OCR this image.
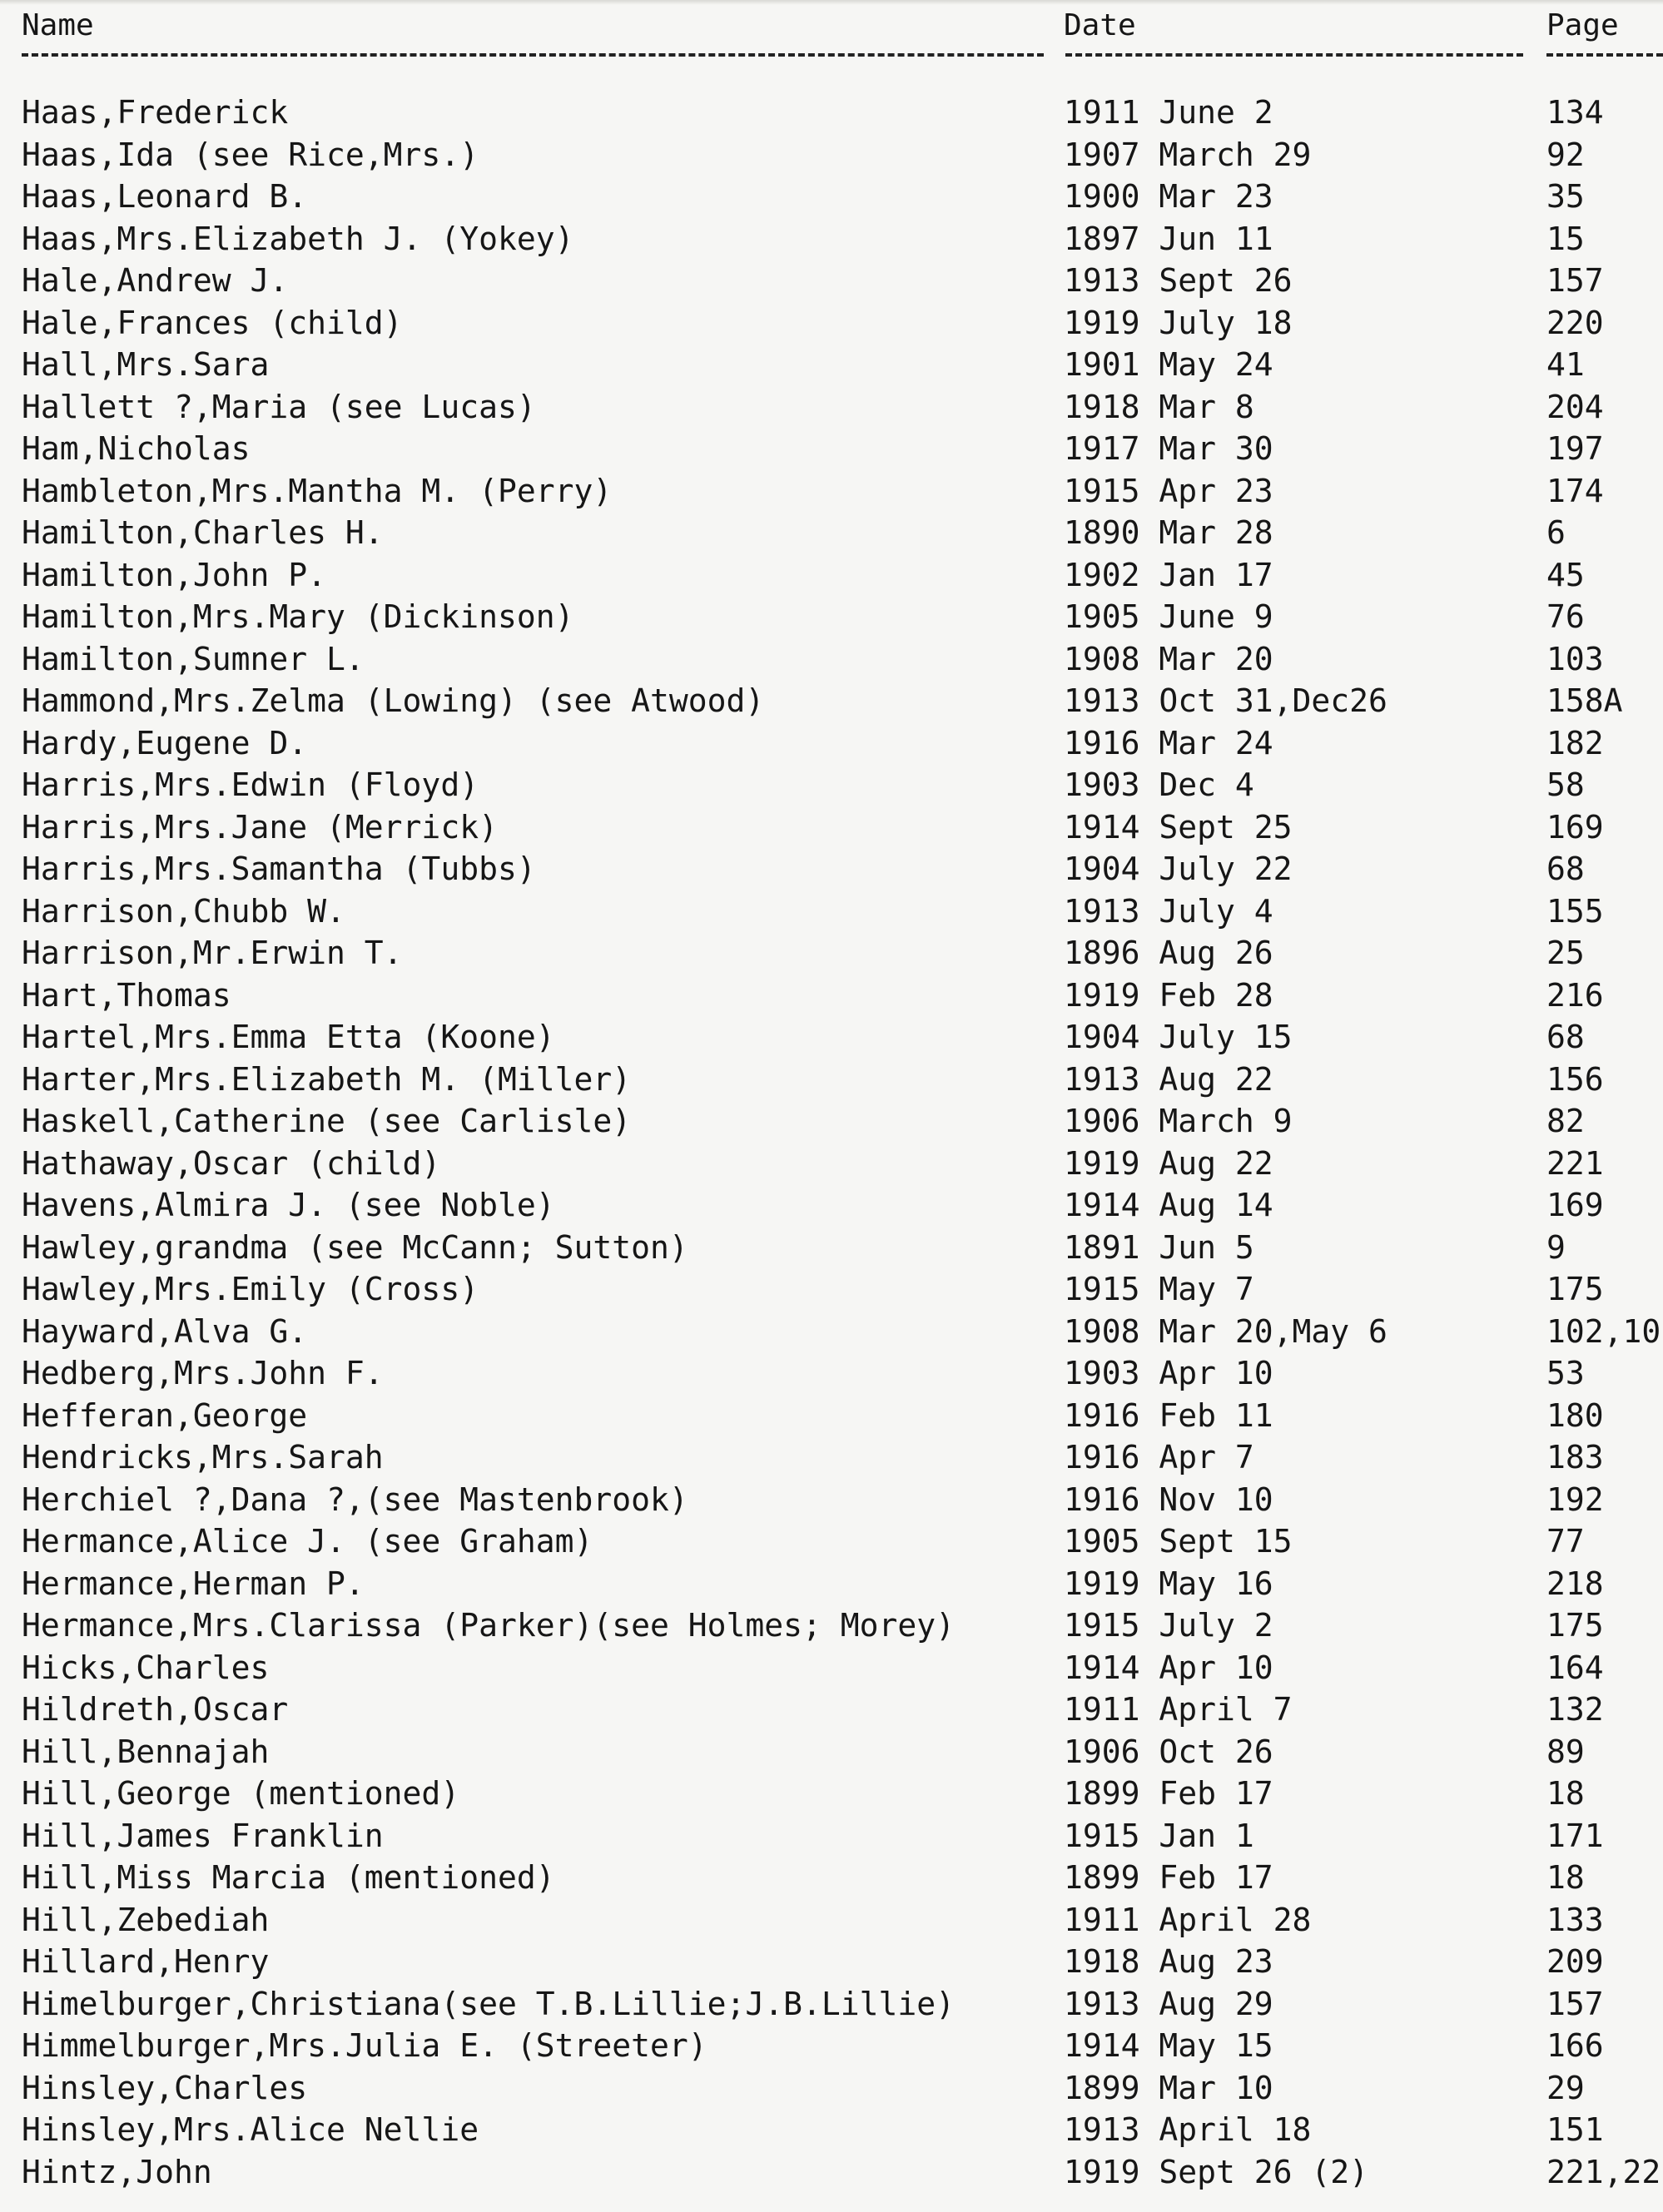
Name	Date	Page
Haas,Frederick	1911 June 2	134
Haas,Ida (see Rice,Mrs.)	1907 March 29	92
Haas,Leonard B.	1900 Mar 23	35
Haas,Mrs.Elizabeth J. (Yokey)	1897 Jun 11	15
Hale,Andrew J.	1913 Sept 26	157
Hale,Frances (child)	1919 July 18	220
Hall,Mrs.Sara	1901 May 24	41
Hallett ?,Maria (see Lucas)	1918 Mar 8	204
Ham,Nicholas	1917 Mar 30	197
Hambleton,Mrs.Mantha M. (Perry)	1915 Apr 23	174
Hamilton,Charles H.	1890 Mar 28	6
Hamilton,John P.	1902 Jan 17	45
Hamilton,Mrs.Mary (Dickinson)	1905 June 9	76
Hamilton,Sumner L.	1908 Mar 20	103
Hammond,Mrs.Zelma (Lowing) (see Atwood)	1913 Oct 31,Dec26	158A
Hardy,Eugene D.	1916 Mar 24	182
Harris,Mrs.Edwin (Floyd)	1903 Dec 4	58
Harris,Mrs.Jane (Merrick)	1914 Sept 25	169
Harris,Mrs.Samantha (Tubbs)	1904 July 22	68
Harrison,Chubb W.	1913 July 4	155
Harrison,Mr.Erwin T.	1896 Aug 26	25
Hart,Thomas	1919 Feb 28	216
Hartel,Mrs.Emma Etta (Koone)	1904 July 15	68
Harter,Mrs.Elizabeth M. (Miller)	1913 Aug 22	156
Haskell,Catherine (see Carlisle)	1906 March 9	82
Hathaway,Oscar (child)	1919 Aug 22	221
Havens,Almira J. (see Noble)	1914 Aug 14	169
Hawley,grandma (see McCann; Sutton)	1891 Jun 5	9
Hawley,Mrs.Emily (Cross)	1915 May 7	175
Hayward,Alva G.	1908 Mar 20,May 6	102,10
Hedberg,Mrs.John F.	1903 Apr 10	53
Hefferan,George	1916 Feb 11	180
Hendricks,Mrs.Sarah	1916 Apr 7	183
Herchiel ?,Dana ?,(see Mastenbrook)	1916 Nov 10	192
Hermance,Alice J. (see Graham)	1905 Sept 15	77
Hermance,Herman P.	1919 May 16	218
Hermance,Mrs.Clarissa (Parker)(see Holmes; Morey)	1915 July 2	175
Hicks,Charles	1914 Apr 10	164
Hildreth,Oscar	1911 April 7	132
Hill,Bennajah	1906 Oct 26	89
Hill,George (mentioned)	1899 Feb 17	18
Hill,James Franklin	1915 Jan 1	171
Hill,Miss Marcia (mentioned)	1899 Feb 17	18
Hill,Zebediah	1911 April 28	133
Hillard,Henry	1918 Aug 23	209
Himelburger,Christiana(see T.B.Lillie;J.B.Lillie)	1913 Aug 29	157
Himmelburger,Mrs.Julia E. (Streeter)	1914 May 15	166
Hinsley,Charles	1899 Mar 10	29
Hinsley,Mrs.Alice Nellie	1913 April 18	151
Hintz,John	1919 Sept 26 (2)	221,22
